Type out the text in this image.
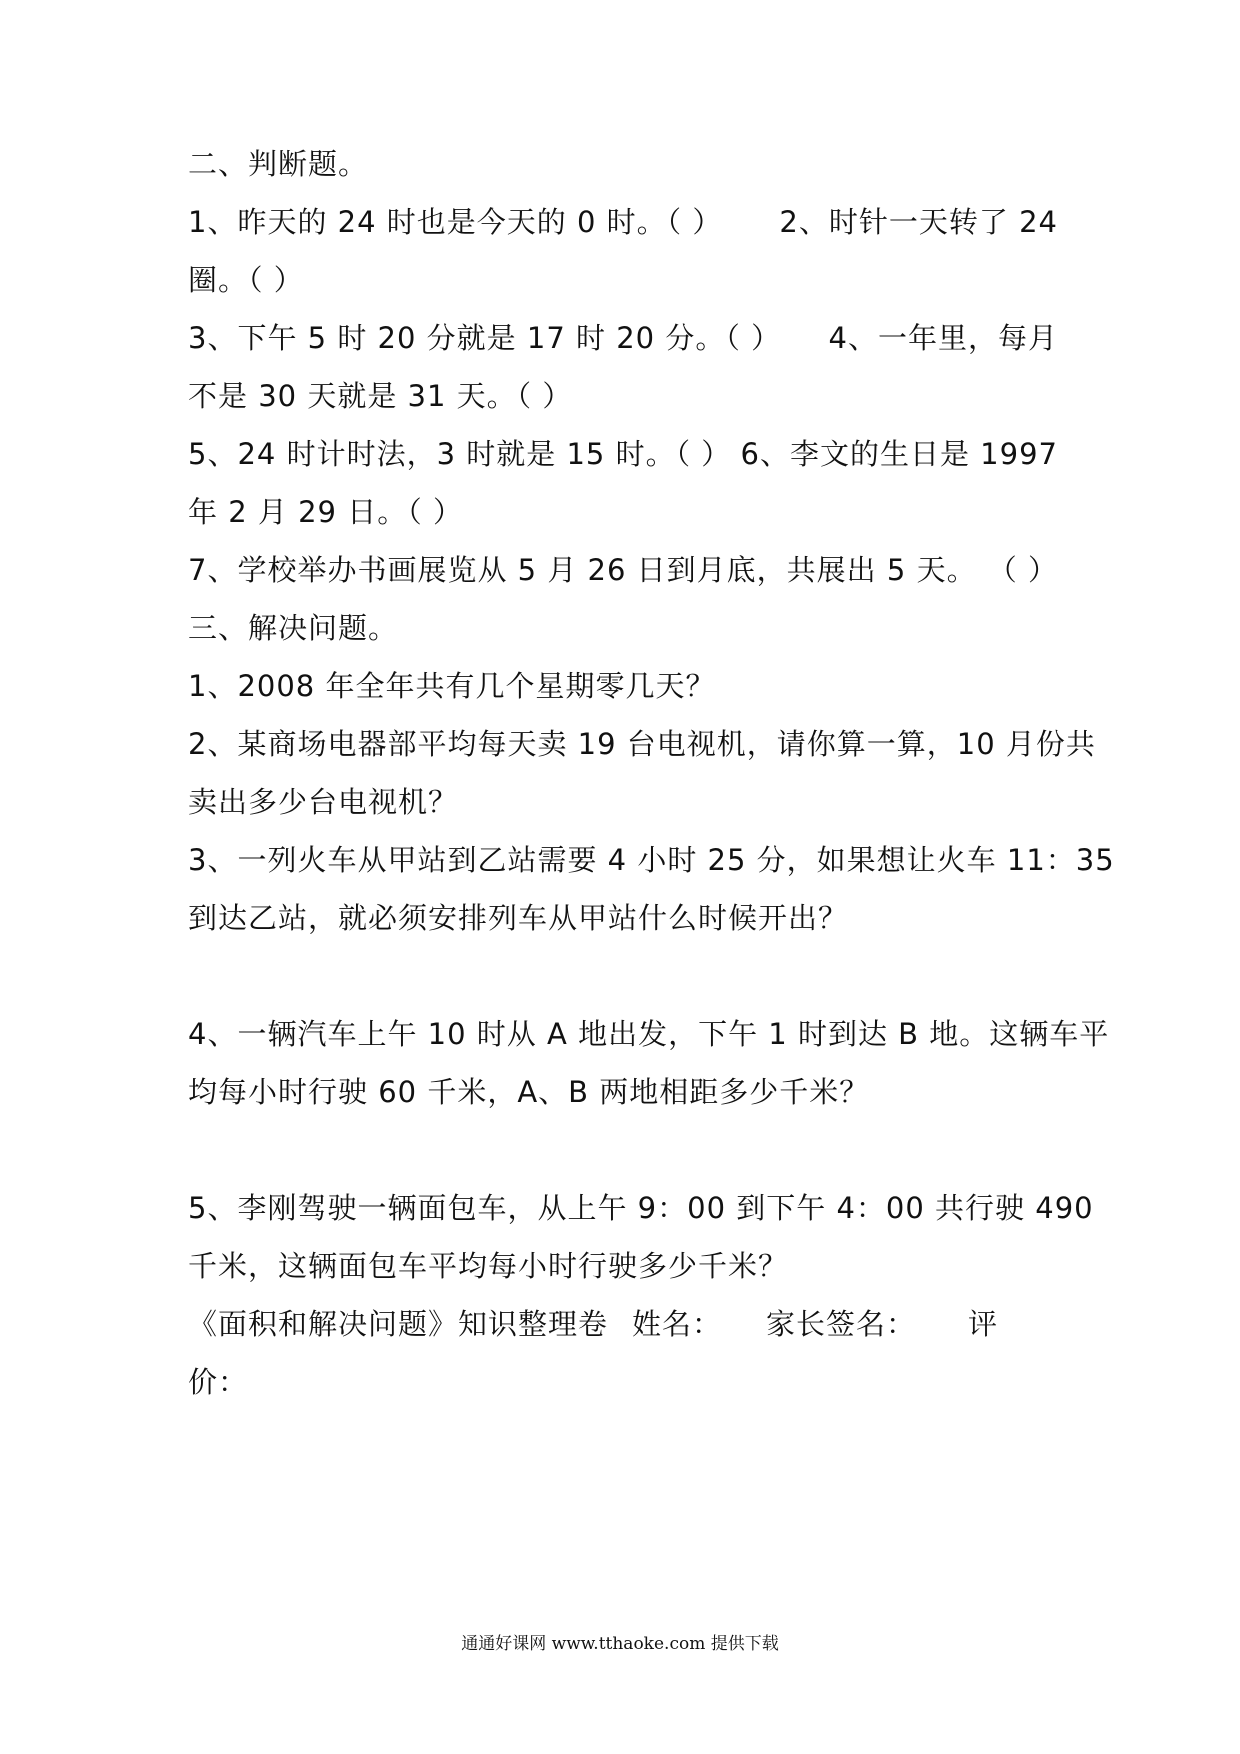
二、判断题。
1、昨天的 24 时也是今天的 0 时。（ ） 2、时针一天转了 24
圈。（ ）
3、下午 5 时 20 分就是 17 时 20 分。（ ） 4、一年里，每月
不是 30 天就是 31 天。（ ）
5、24 时计时法，3 时就是 15 时。（ ） 6、李文的生日是 1997
年 2 月 29 日。（ ）
7、学校举办书画展览从 5 月 26 日到月底，共展出 5 天。 （ ）
三、解决问题。
1、2008 年全年共有几个星期零几天？
2、某商场电器部平均每天卖 19 台电视机，请你算一算，10 月份共
卖出多少台电视机？
3、一列火车从甲站到乙站需要 4 小时 25 分，如果想让火车 11：35
到达乙站，就必须安排列车从甲站什么时候开出？
4、一辆汽车上午 10 时从 A 地出发，下午 1 时到达 B 地。这辆车平
均每小时行驶 60 千米，A、B 两地相距多少千米？
5、李刚驾驶一辆面包车，从上午 9：00 到下午 4：00 共行驶 490
千米，这辆面包车平均每小时行驶多少千米？
《面积和解决问题》知识整理卷 姓名： 家长签名： 评
价：
通通好课网 www.tthaoke.com 提供下载
